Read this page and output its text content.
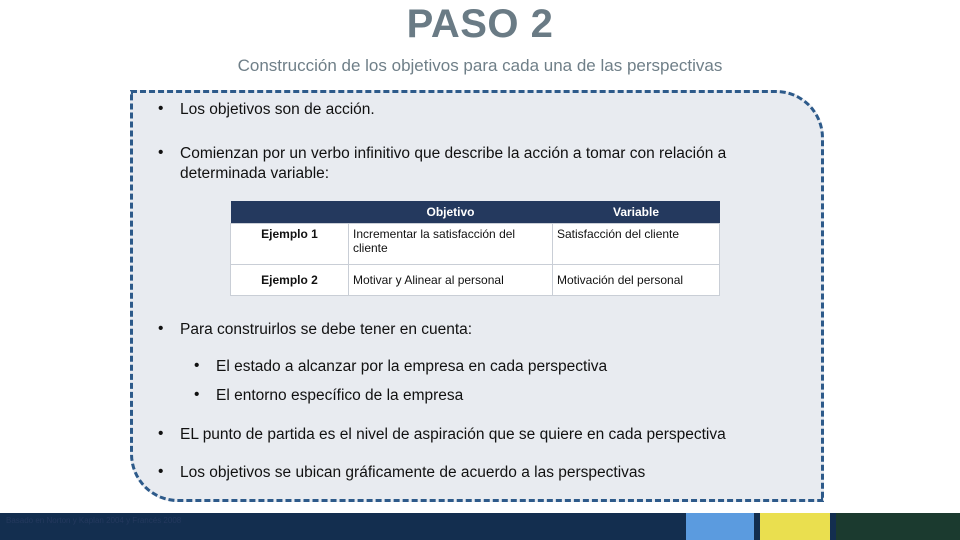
PASO 2
Construcción de los objetivos para cada una de las perspectivas
• Los objetivos son de acción.
• Comienzan por un verbo infinitivo que describe la acción a tomar con relación a determinada variable:
• Para construirlos se debe tener en cuenta:
• El estado a alcanzar por la empresa en cada perspectiva
• El entorno específico de la empresa
• EL punto de partida es el nivel de aspiración que se quiere en cada perspectiva
• Los objetivos se ubican gráficamente de acuerdo a las perspectivas
	Objetivo	Variable
Ejemplo 1	Incrementar la satisfacción del cliente	Satisfacción del cliente
Ejemplo 2	Motivar y Alinear al personal	Motivación del personal
Basado en Norton y Kaplan 2004 y Francés 2008
